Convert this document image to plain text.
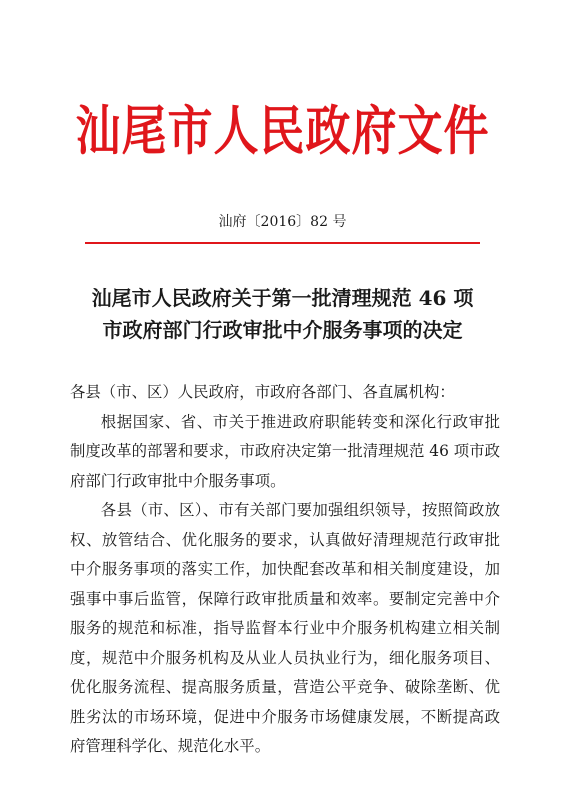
汕尾市人民政府文件
汕府〔2016〕82 号
汕尾市人民政府关于第一批清理规范 46 项
市政府部门行政审批中介服务事项的决定

各县（市、区）人民政府，市政府各部门、各直属机构：

根据国家、省、市关于推进政府职能转变和深化行政审批制度改革的部署和要求，市政府决定第一批清理规范 46 项市政府部门行政审批中介服务事项。

各县（市、区）、市有关部门要加强组织领导，按照简政放权、放管结合、优化服务的要求，认真做好清理规范行政审批中介服务事项的落实工作，加快配套改革和相关制度建设，加强事中事后监管，保障行政审批质量和效率。要制定完善中介服务的规范和标准，指导监督本行业中介服务机构建立相关制度，规范中介服务机构及从业人员执业行为，细化服务项目、优化服务流程、提高服务质量，营造公平竞争、破除垄断、优胜劣汰的市场环境，促进中介服务市场健康发展，不断提高政府管理科学化、规范化水平。
